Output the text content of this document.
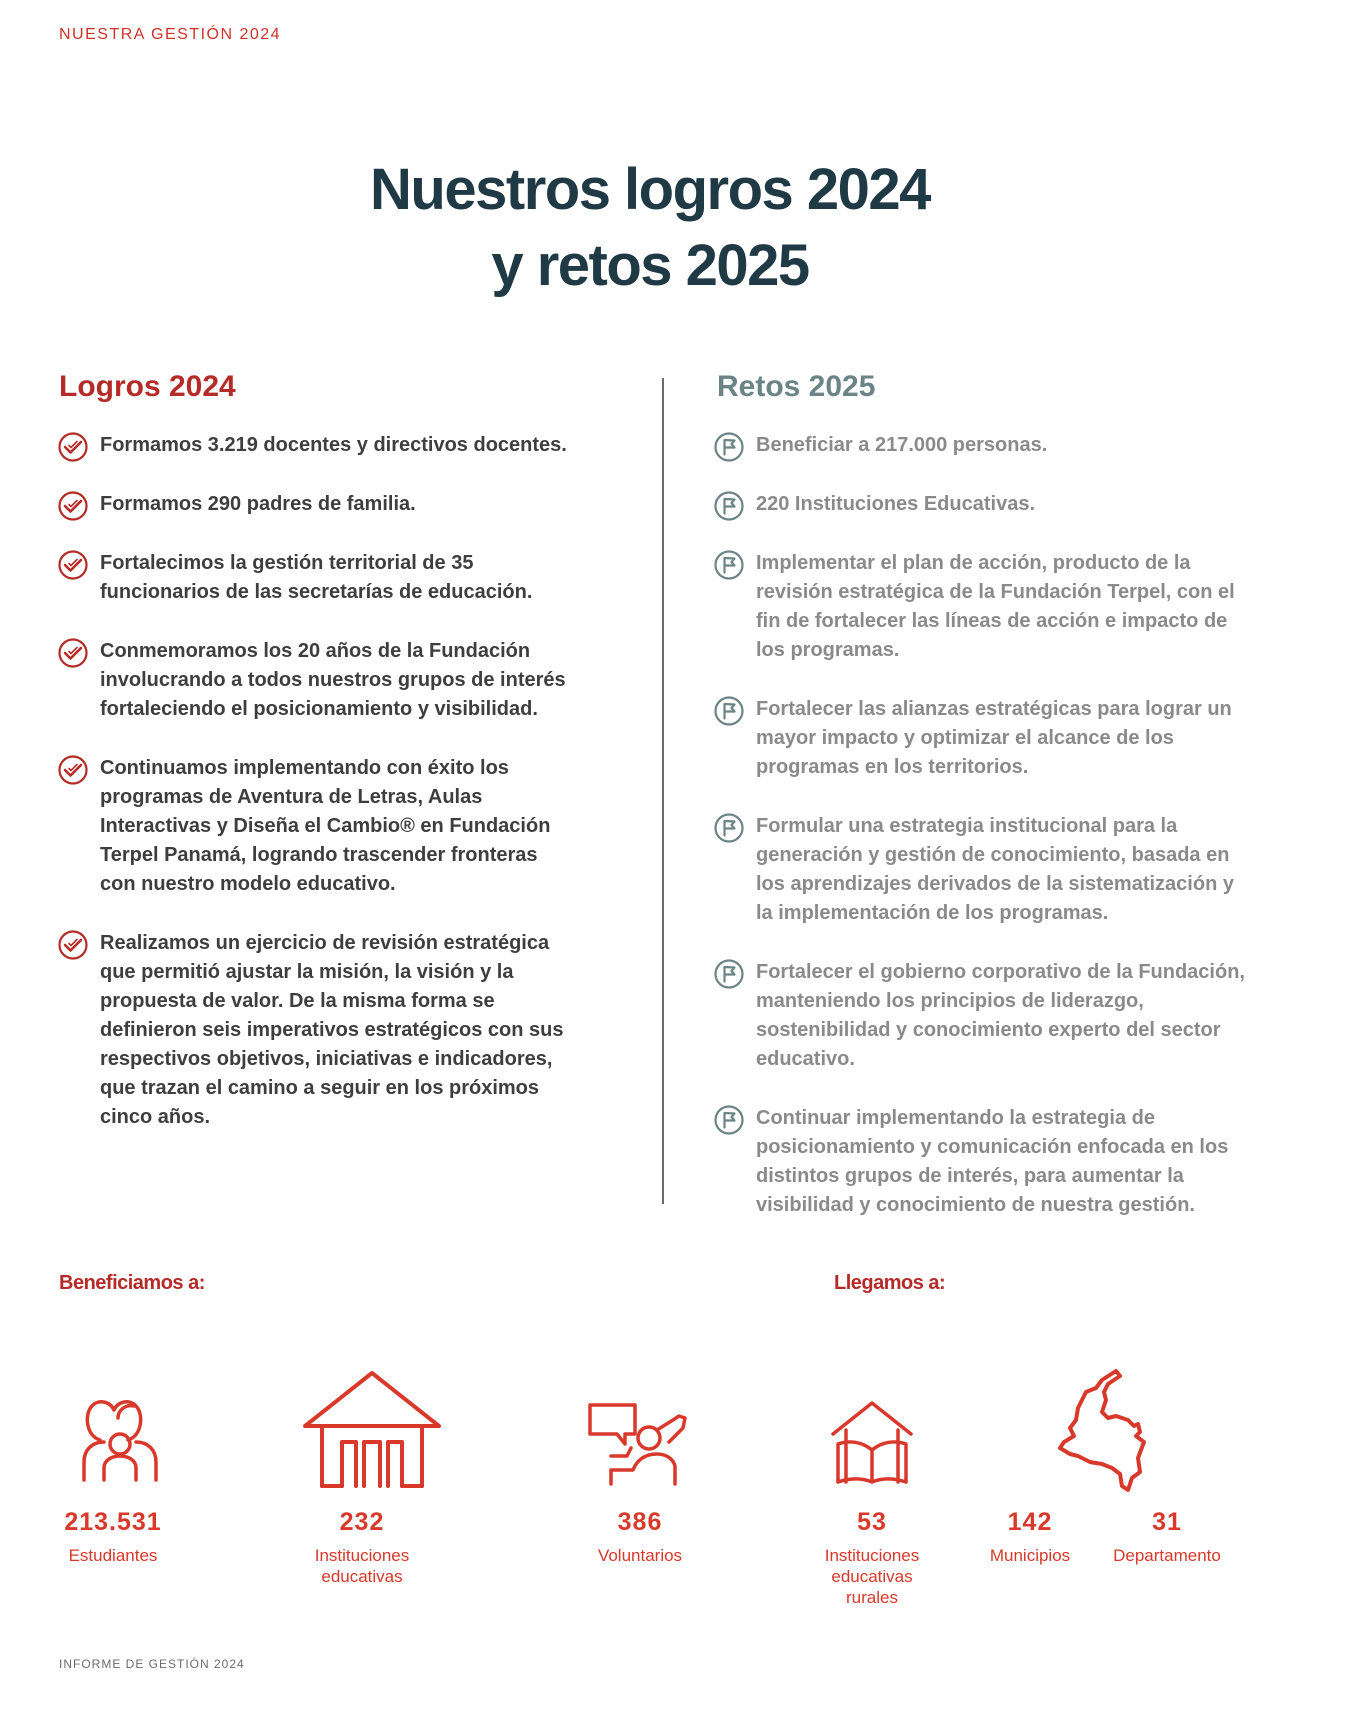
NUESTRA GESTIÓN 2024
Nuestros logros 2024
y retos 2025
Logros 2024	Retos 2025
Formamos 3.219 docentes y directivos docentes.
Formamos 290 padres de familia.
Fortalecimos la gestión territorial de 35 funcionarios de las secretarías de educación.
Conmemoramos los 20 años de la Fundación involucrando a todos nuestros grupos de interés fortaleciendo el posicionamiento y visibilidad.
Continuamos implementando con éxito los programas de Aventura de Letras, Aulas Interactivas y Diseña el Cambio® en Fundación Terpel Panamá, logrando trascender fronteras con nuestro modelo educativo.
Realizamos un ejercicio de revisión estratégica que permitió ajustar la misión, la visión y la propuesta de valor. De la misma forma se definieron seis imperativos estratégicos con sus respectivos objetivos, iniciativas e indicadores, que trazan el camino a seguir en los próximos cinco años.
Beneficiar a 217.000 personas.
220 Instituciones Educativas.
Implementar el plan de acción, producto de la revisión estratégica de la Fundación Terpel, con el fin de fortalecer las líneas de acción e impacto de los programas.
Fortalecer las alianzas estratégicas para lograr un mayor impacto y optimizar el alcance de los programas en los territorios.
Formular una estrategia institucional para la generación y gestión de conocimiento, basada en los aprendizajes derivados de la sistematización y la implementación de los programas.
Fortalecer el gobierno corporativo de la Fundación, manteniendo los principios de liderazgo, sostenibilidad y conocimiento experto del sector educativo.
Continuar implementando la estrategia de posicionamiento y comunicación enfocada en los distintos grupos de interés, para aumentar la visibilidad y conocimiento de nuestra gestión.
Beneficiamos a:	Llegamos a:
213.531
Estudiantes
232
Instituciones
educativas
386
Voluntarios
53
Instituciones
educativas
rurales
142
Municipios
31
Departamento
INFORME DE GESTIÓN 2024
